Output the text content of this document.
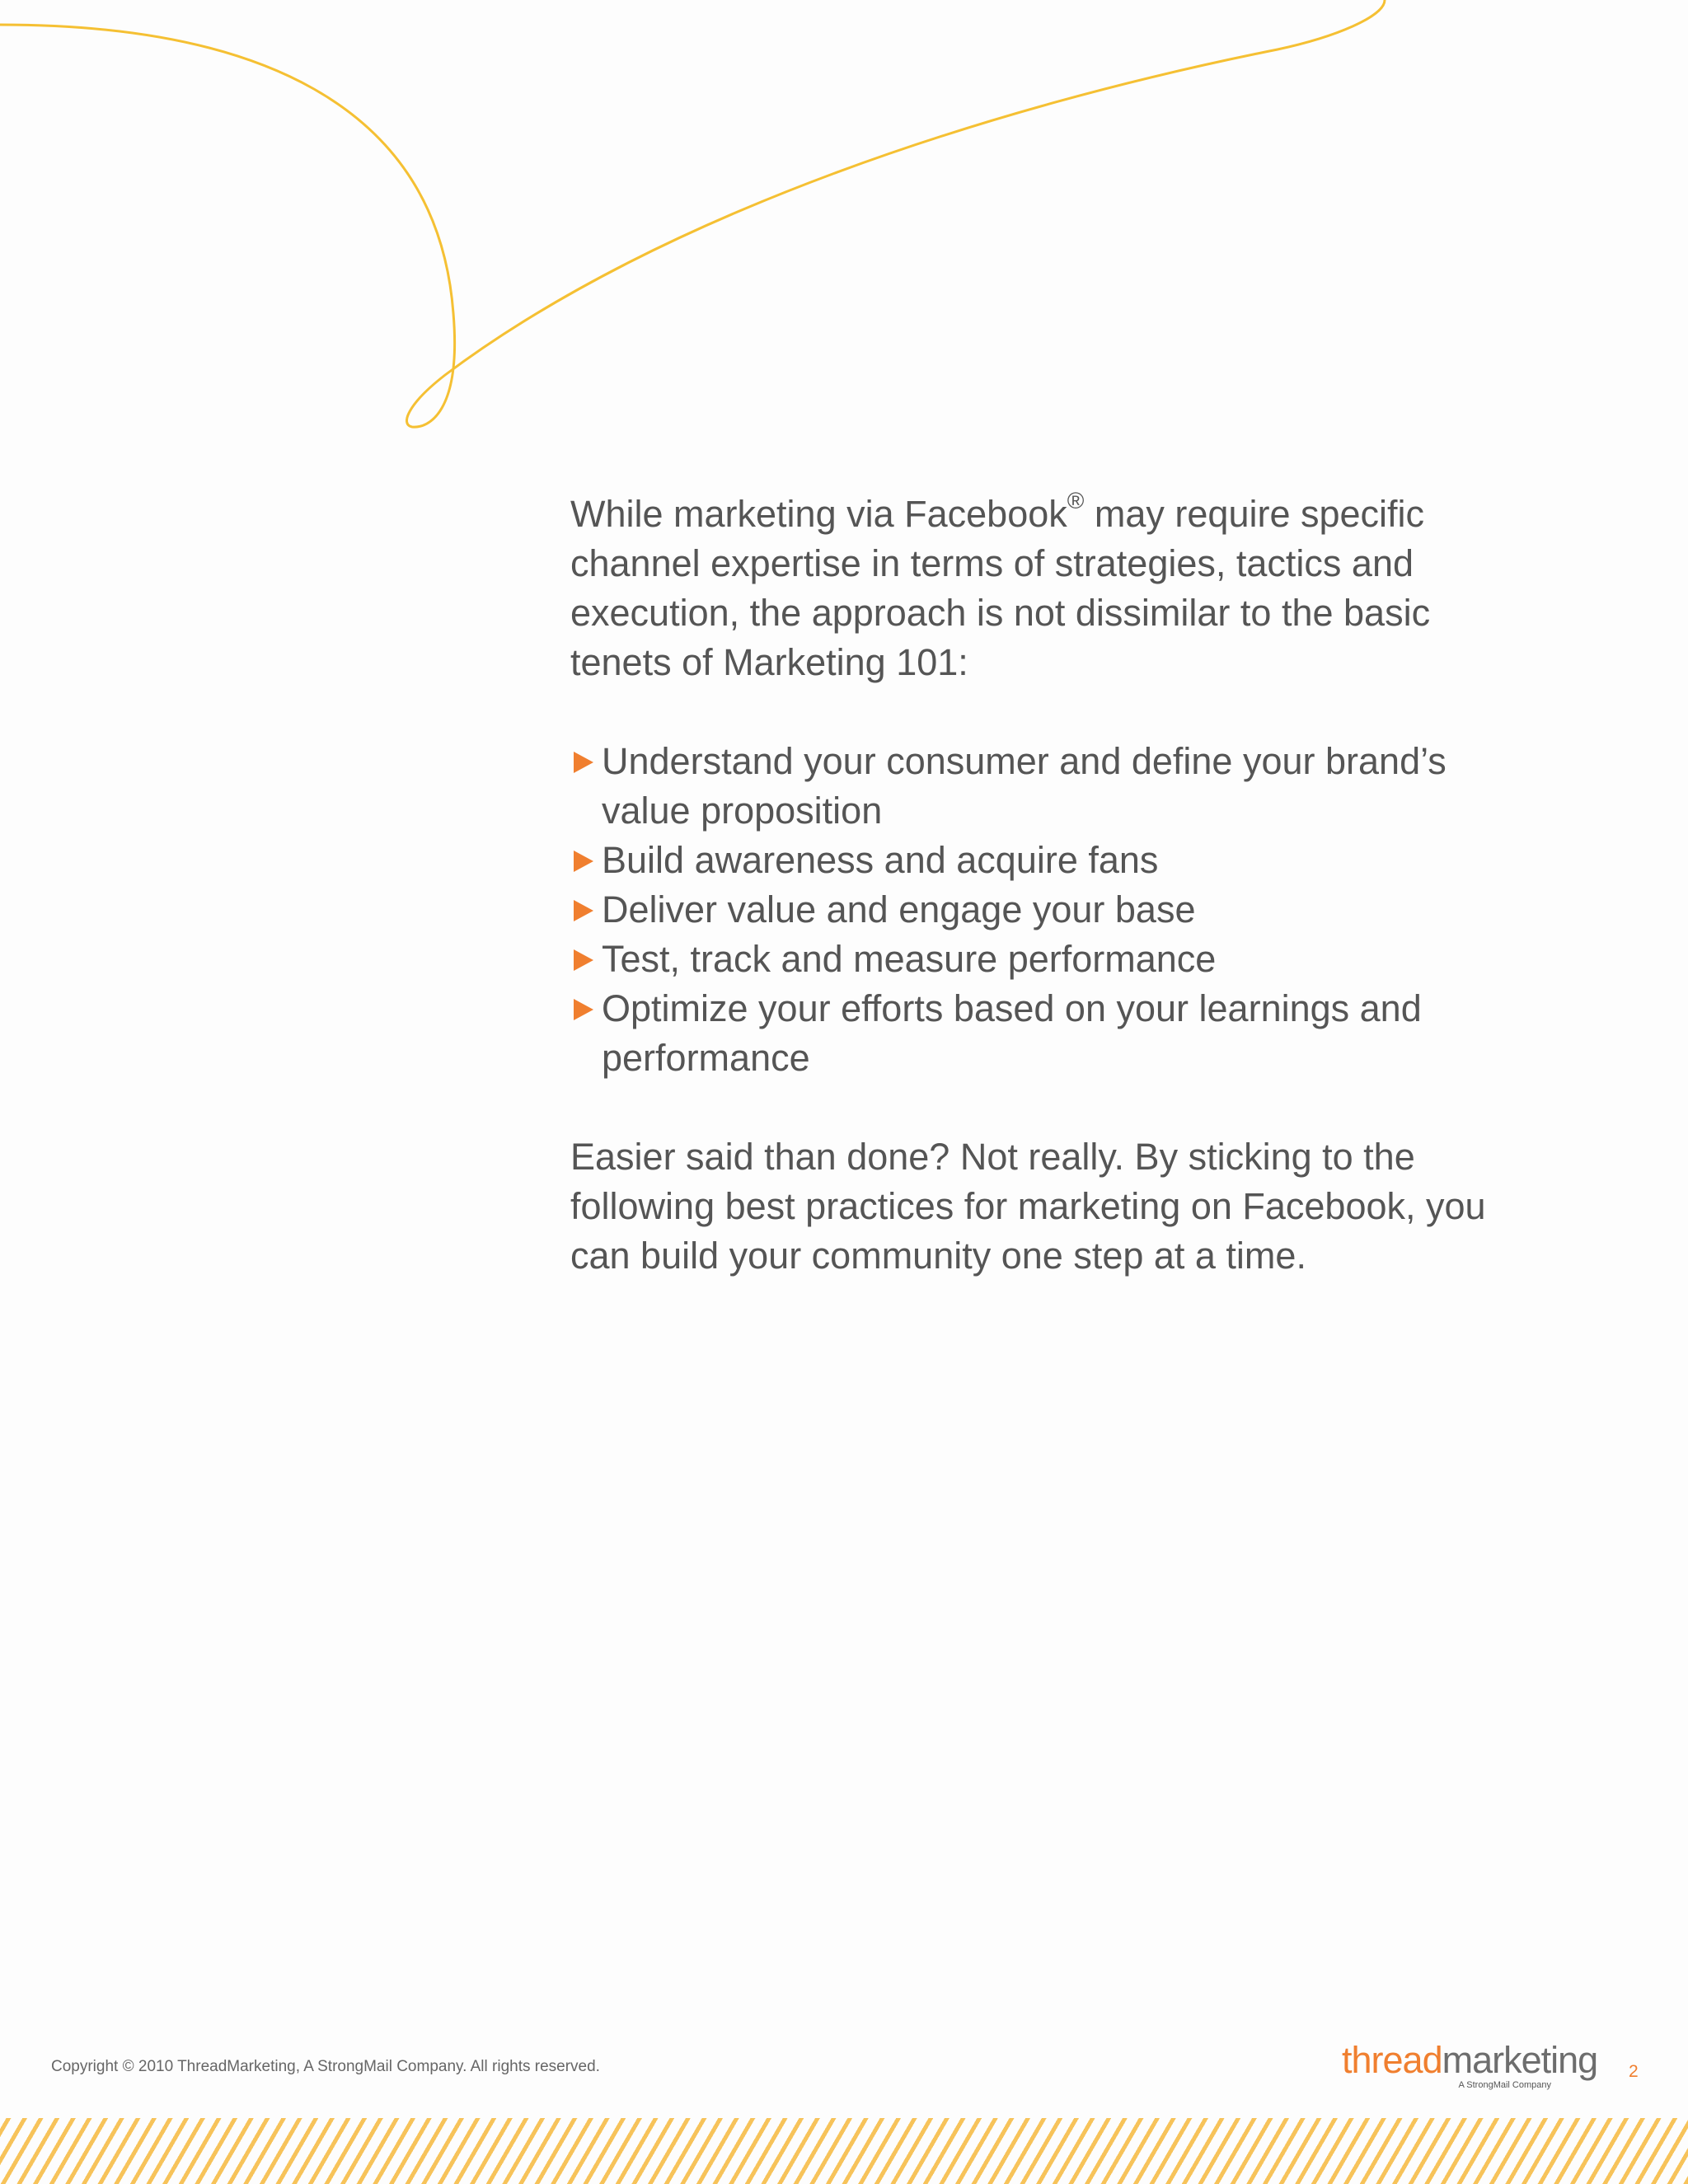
While marketing via Facebook® may require specific channel expertise in terms of strategies, tactics and execution, the approach is not dissimilar to the basic tenets of Marketing 101:

Understand your consumer and define your brand’s value proposition
Build awareness and acquire fans
Deliver value and engage your base
Test, track and measure performance
Optimize your efforts based on your learnings and performance

Easier said than done? Not really. By sticking to the following best practices for marketing on Facebook, you can build your community one step at a time.

Copyright © 2010 ThreadMarketing, A StrongMail Company. All rights reserved.	threadmarketing
A StrongMail Company
2
